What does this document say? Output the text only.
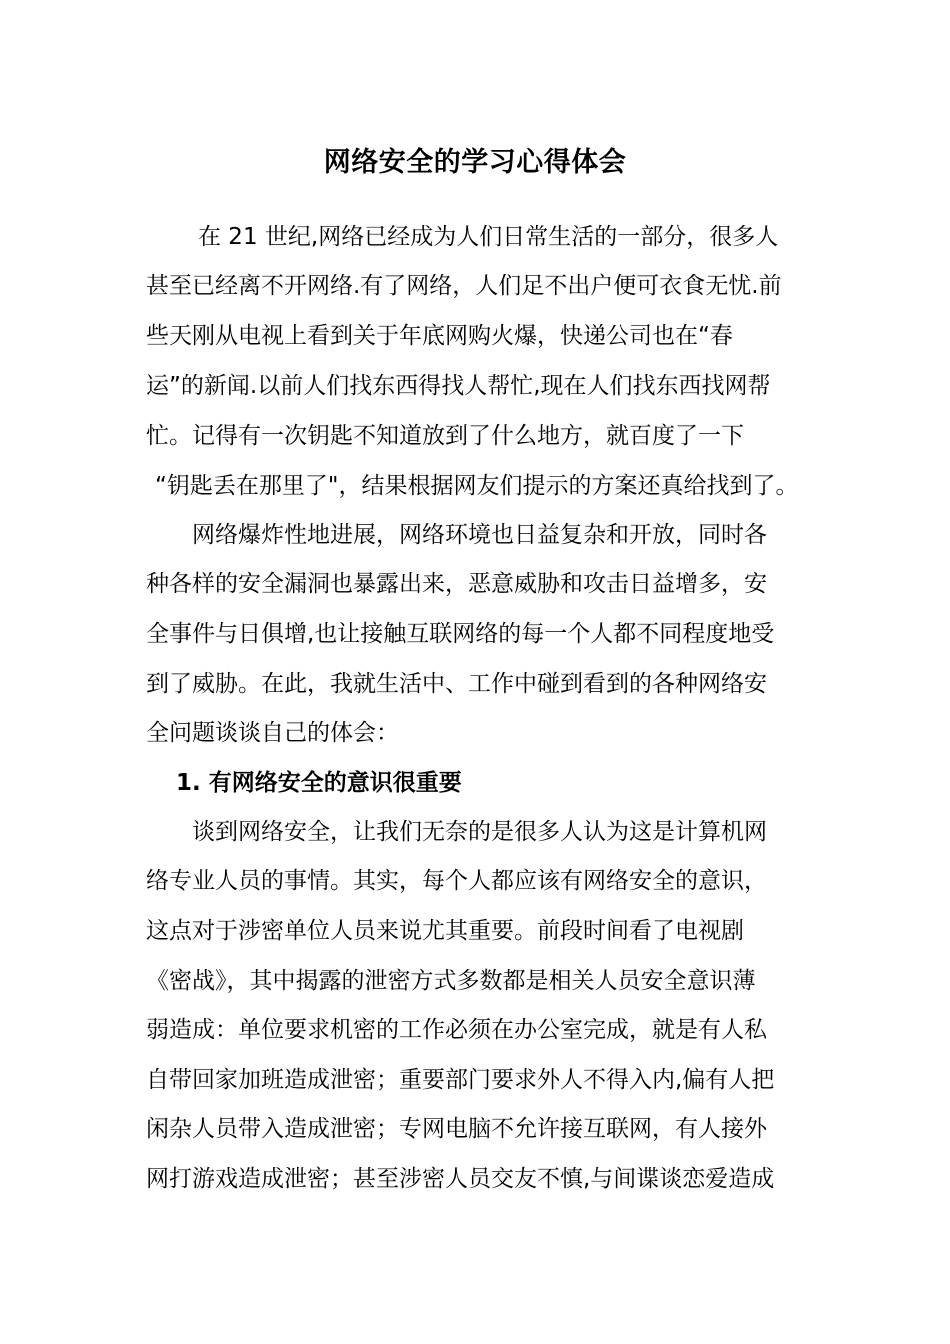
网络安全的学习心得体会
在 21 世纪,网络已经成为人们日常生活的一部分，很多人
甚至已经离不开网络.有了网络，人们足不出户便可衣食无忧.前
些天刚从电视上看到关于年底网购火爆，快递公司也在“春
运”的新闻.以前人们找东西得找人帮忙,现在人们找东西找网帮
忙。记得有一次钥匙不知道放到了什么地方，就百度了一下
“钥匙丢在那里了"，结果根据网友们提示的方案还真给找到了。
网络爆炸性地进展，网络环境也日益复杂和开放，同时各
种各样的安全漏洞也暴露出来，恶意威胁和攻击日益增多，安
全事件与日俱增,也让接触互联网络的每一个人都不同程度地受
到了威胁。在此，我就生活中、工作中碰到看到的各种网络安
全问题谈谈自己的体会：
1. 有网络安全的意识很重要
谈到网络安全，让我们无奈的是很多人认为这是计算机网
络专业人员的事情。其实，每个人都应该有网络安全的意识，
这点对于涉密单位人员来说尤其重要。前段时间看了电视剧
《密战》，其中揭露的泄密方式多数都是相关人员安全意识薄
弱造成：单位要求机密的工作必须在办公室完成，就是有人私
自带回家加班造成泄密；重要部门要求外人不得入内,偏有人把
闲杂人员带入造成泄密；专网电脑不允许接互联网，有人接外
网打游戏造成泄密；甚至涉密人员交友不慎,与间谍谈恋爱造成
